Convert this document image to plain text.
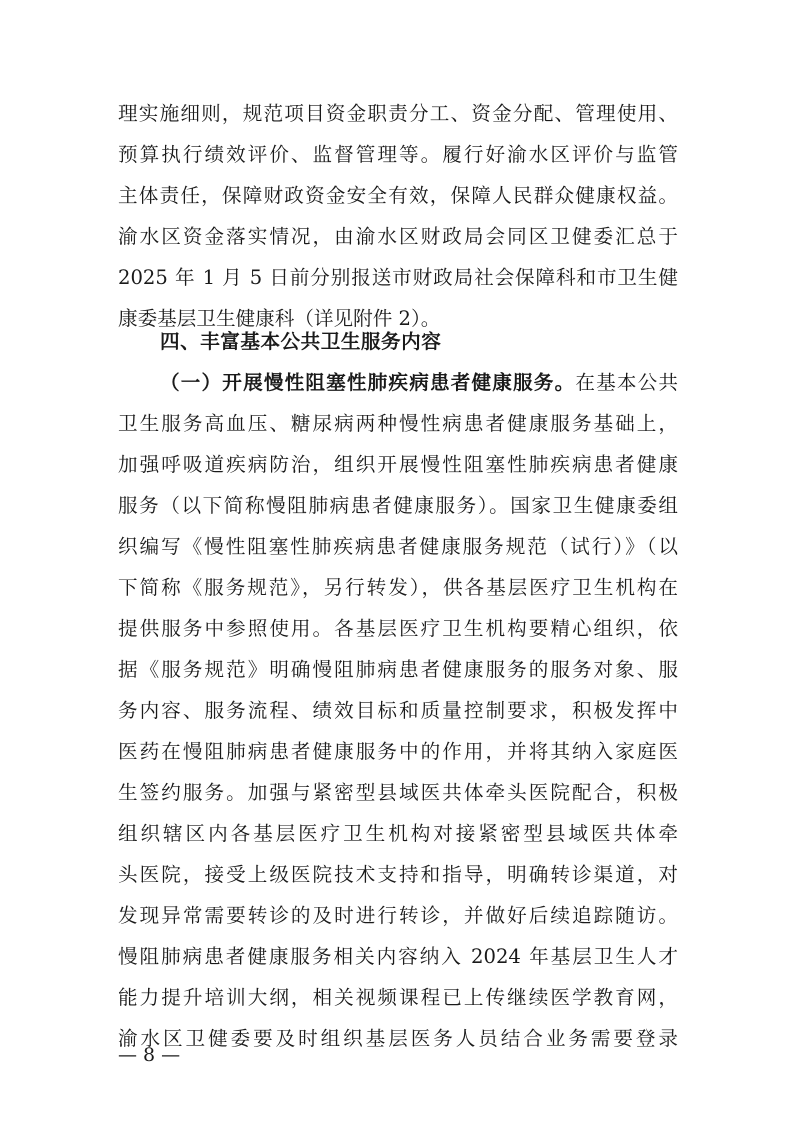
理实施细则，规范项目资金职责分工、资金分配、管理使用、
预算执行绩效评价、监督管理等。履行好渝水区评价与监管
主体责任，保障财政资金安全有效，保障人民群众健康权益。
渝水区资金落实情况，由渝水区财政局会同区卫健委汇总于
2025 年 1 月 5 日前分别报送市财政局社会保障科和市卫生健
康委基层卫生健康科（详见附件 2）。
四、丰富基本公共卫生服务内容
（一）开展慢性阻塞性肺疾病患者健康服务。在基本公共
卫生服务高血压、糖尿病两种慢性病患者健康服务基础上，
加强呼吸道疾病防治，组织开展慢性阻塞性肺疾病患者健康
服务（以下简称慢阻肺病患者健康服务）。国家卫生健康委组
织编写《慢性阻塞性肺疾病患者健康服务规范（试行）》（以
下简称《服务规范》，另行转发），供各基层医疗卫生机构在
提供服务中参照使用。各基层医疗卫生机构要精心组织，依
据《服务规范》明确慢阻肺病患者健康服务的服务对象、服
务内容、服务流程、绩效目标和质量控制要求，积极发挥中
医药在慢阻肺病患者健康服务中的作用，并将其纳入家庭医
生签约服务。加强与紧密型县域医共体牵头医院配合，积极
组织辖区内各基层医疗卫生机构对接紧密型县域医共体牵
头医院，接受上级医院技术支持和指导，明确转诊渠道，对
发现异常需要转诊的及时进行转诊，并做好后续追踪随访。
慢阻肺病患者健康服务相关内容纳入 2024 年基层卫生人才
能力提升培训大纲，相关视频课程已上传继续医学教育网，
渝水区卫健委要及时组织基层医务人员结合业务需要登录
— 8 —
